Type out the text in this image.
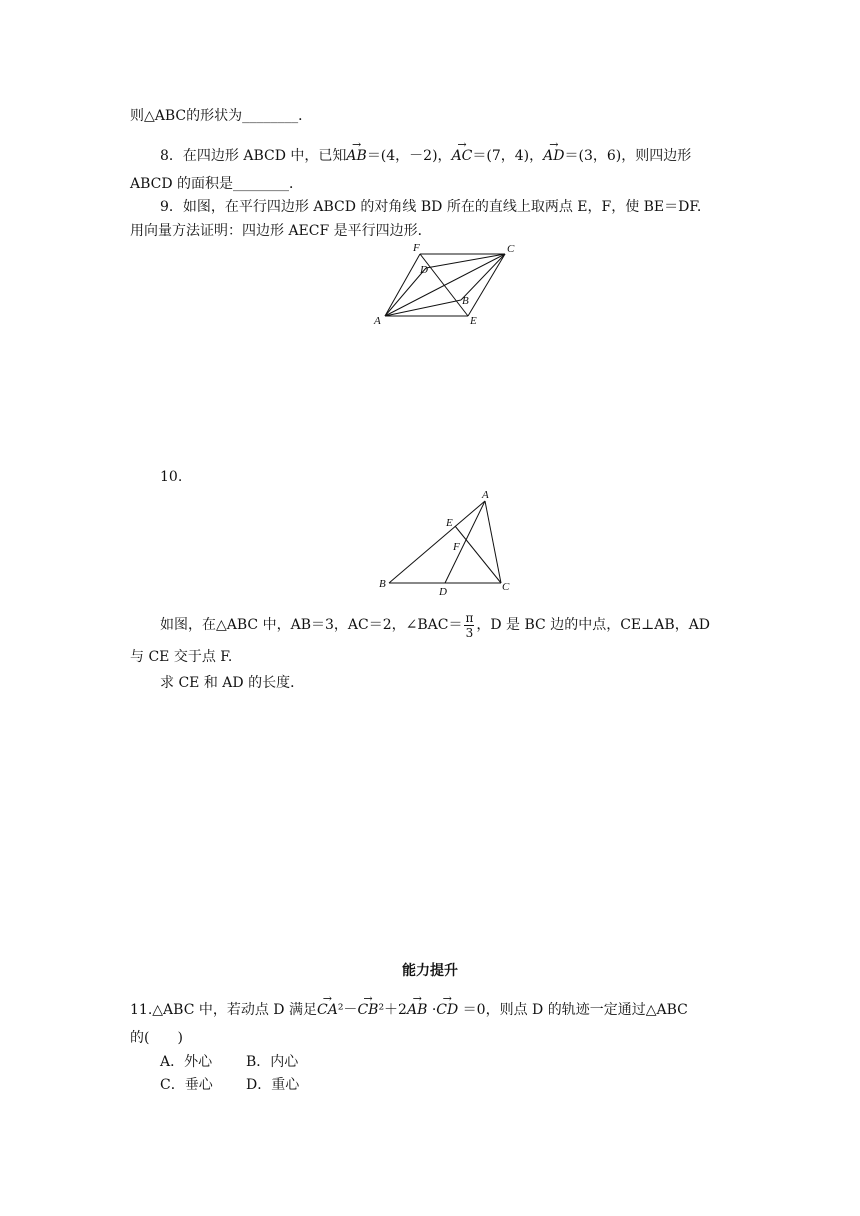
则△ABC的形状为________．
8．在四边形 ABCD 中，已知→ AB＝(4，－2)，→ AC＝(7，4)，→ AD＝(3，6)，则四边形
ABCD 的面积是________．
9．如图，在平行四边形 ABCD 的对角线 BD 所在的直线上取两点 E，F，使 BE＝DF.
用向量方法证明：四边形 AECF 是平行四边形．
F	C
D
B
A	E
10.
A
E
F
B
D	C
如图，在△ABC 中，AB＝3，AC＝2，∠BAC＝ $\frac{\pi}{3}$ ，D 是 BC 边的中点，CE⊥AB，AD
与 CE 交于点 F.
求 CE 和 AD 的长度．
能力提升
11.△ABC 中，若动点 D 满足→ CA²－→ CB²＋2→ AB ·→ CD ＝0，则点 D 的轨迹一定通过△ABC
的(　　)
A．外心 B．内心
C．垂心 D．重心
